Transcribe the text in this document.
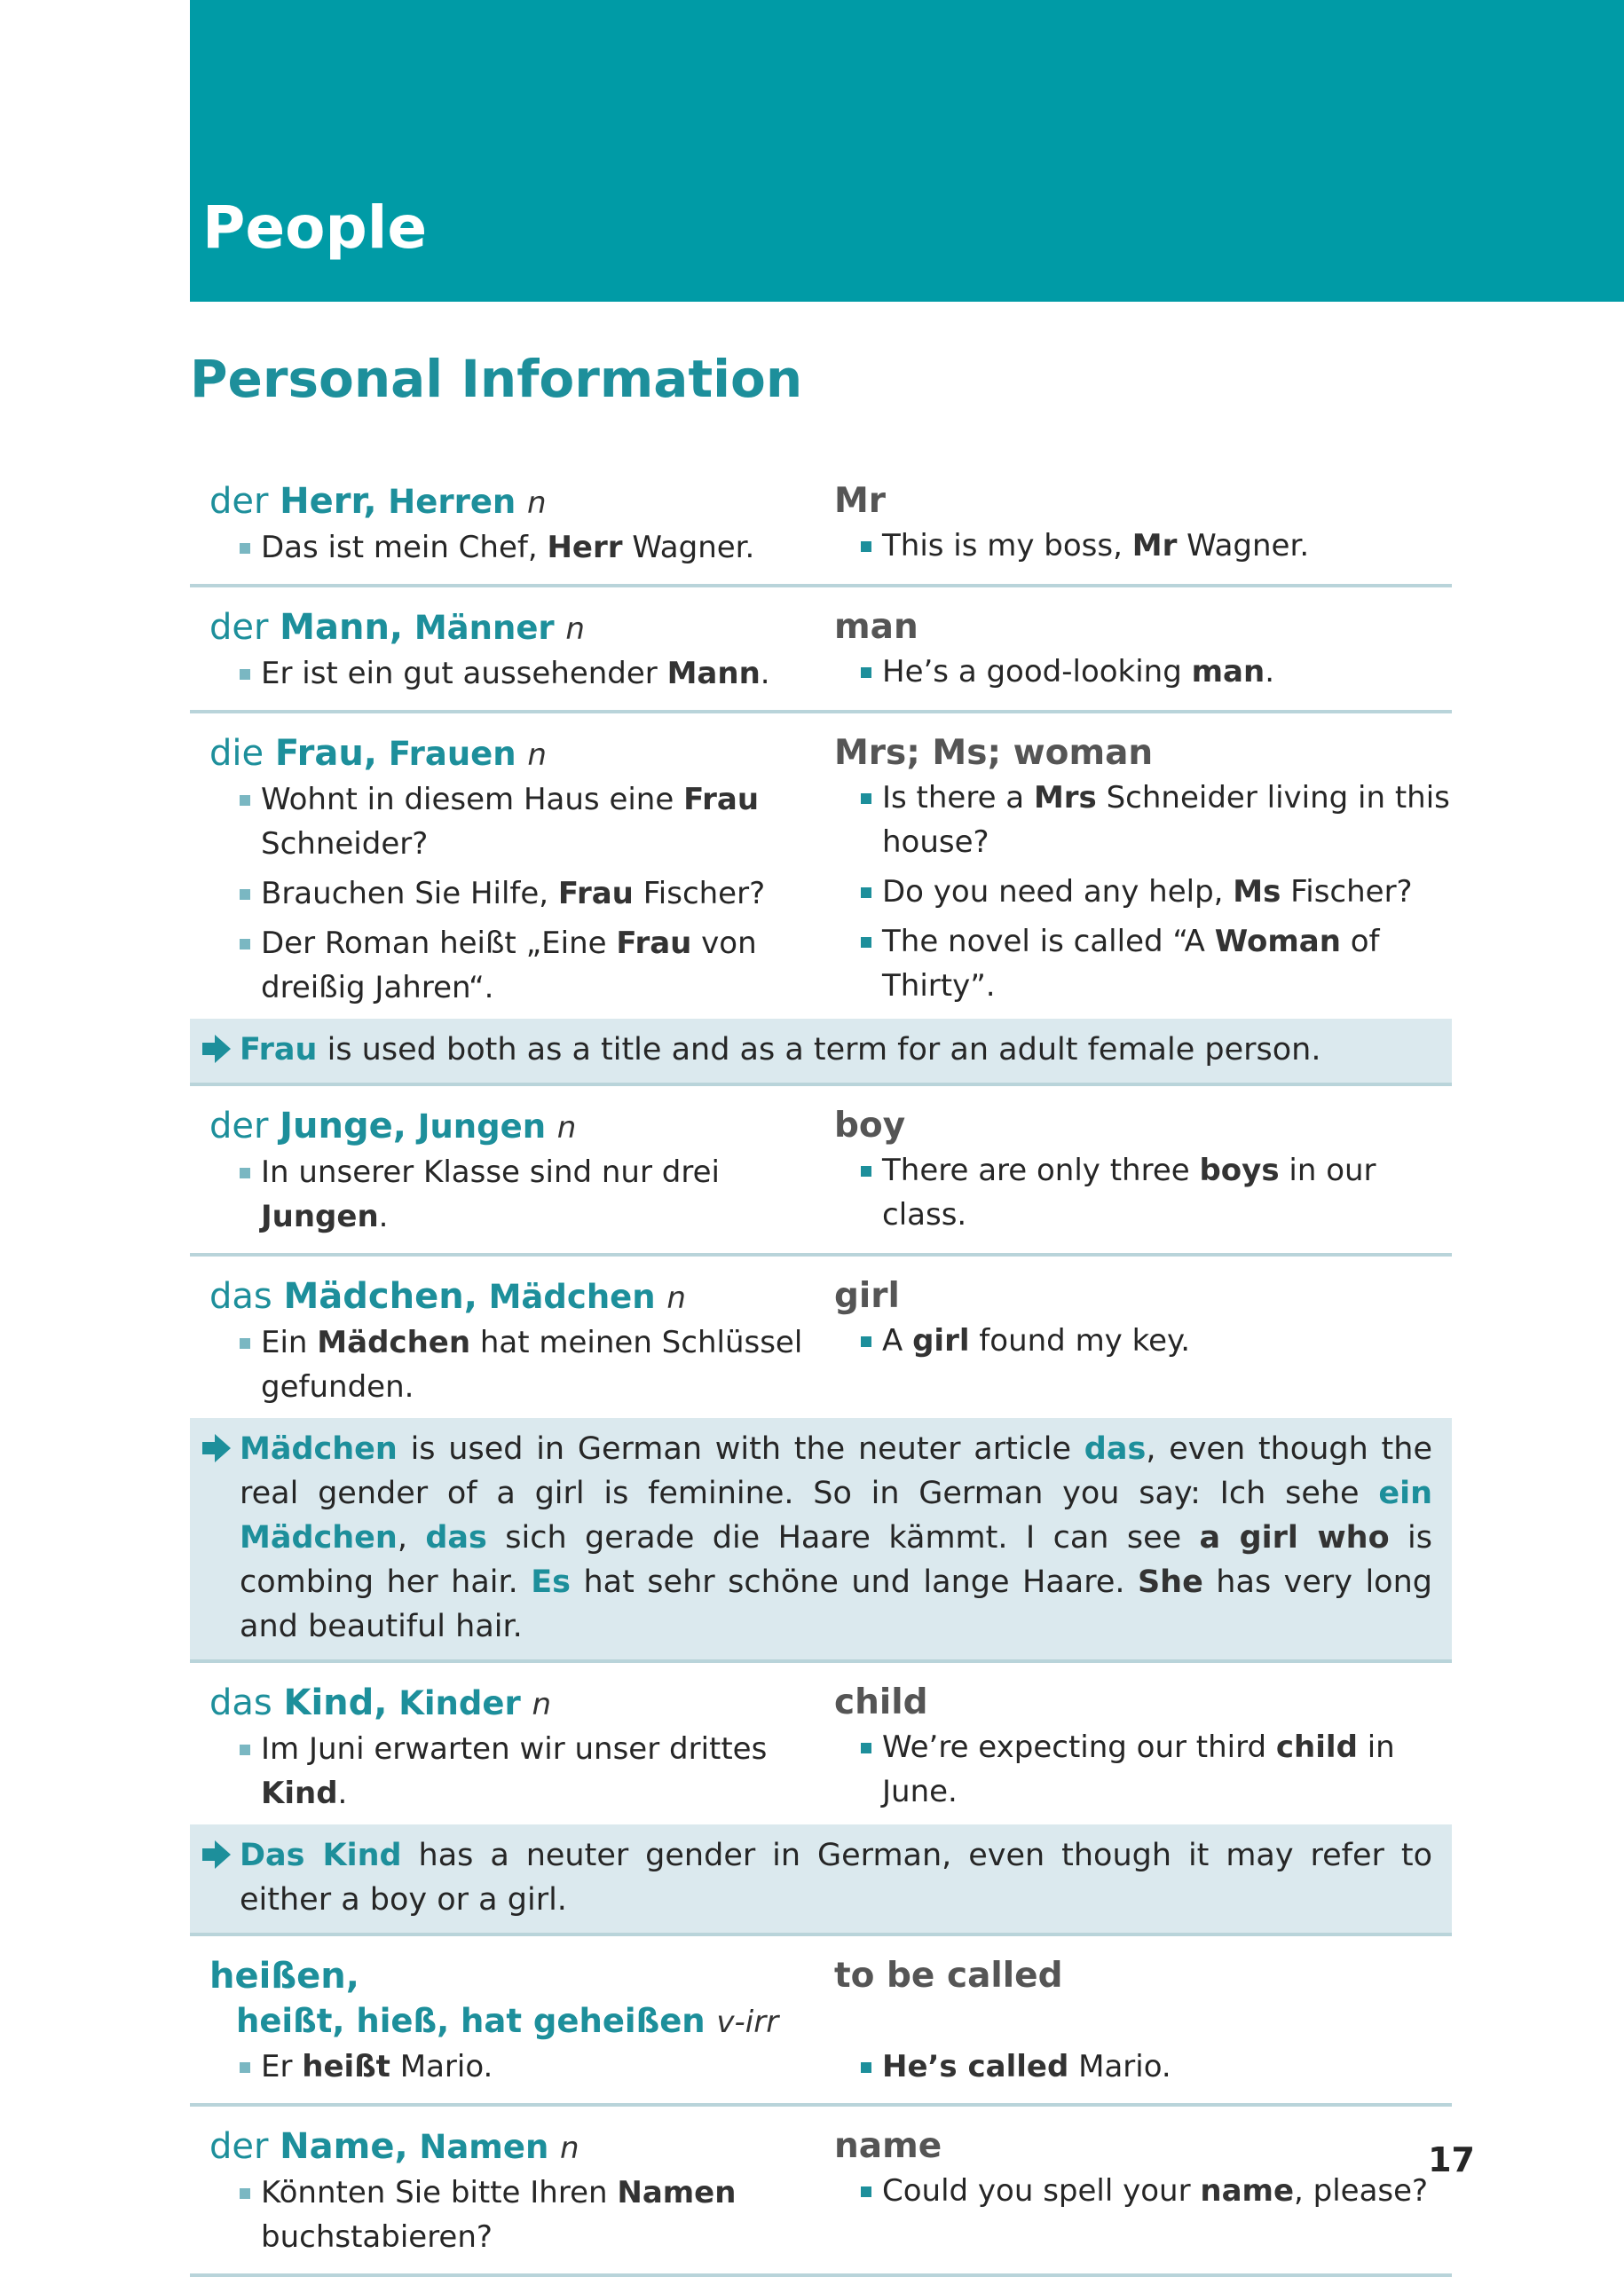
People
Personal Information
der Herr, Herren n
Das ist mein Chef, Herr Wagner.
Mr
This is my boss, Mr Wagner.
der Mann, Männer n
Er ist ein gut aussehender Mann.
man
He’s a good-looking man.
die Frau, Frauen n
Wohnt in diesem Haus eine Frau Schneider?
Brauchen Sie Hilfe, Frau Fischer?
Der Roman heißt „Eine Frau von dreißig Jahren“.
Mrs; Ms; woman
Is there a Mrs Schneider living in this house?
Do you need any help, Ms Fischer?
The novel is called “A Woman of Thirty”.
Frau is used both as a title and as a term for an adult female person.
der Junge, Jungen n
In unserer Klasse sind nur drei Jungen.
boy
There are only three boys in our class.
das Mädchen, Mädchen n
Ein Mädchen hat meinen Schlüssel gefunden.
girl
A girl found my key.
Mädchen is used in German with the neuter article das, even though the real gender of a girl is feminine. So in German you say: Ich sehe ein Mädchen, das sich gerade die Haare kämmt. I can see a girl who is combing her hair. Es hat sehr schöne und lange Haare. She has very long and beautiful hair.
das Kind, Kinder n
Im Juni erwarten wir unser drittes Kind.
child
We’re expecting our third child in June.
Das Kind has a neuter gender in German, even though it may refer to either a boy or a girl.
heißen,
heißt, hieß, hat geheißen v-irr
Er heißt Mario.
to be called
He’s called Mario.
der Name, Namen n
Könnten Sie bitte Ihren Namen buchstabieren?
name
Could you spell your name, please?
17
